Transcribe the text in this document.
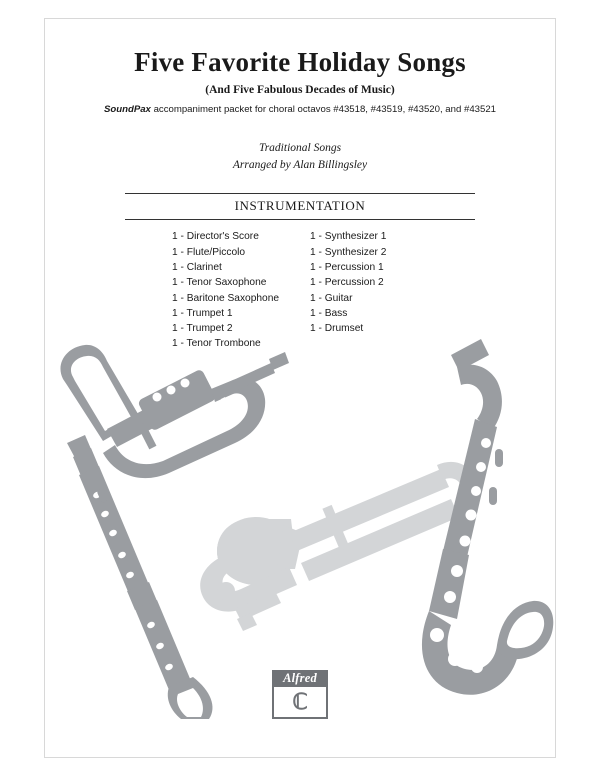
Five Favorite Holiday Songs

(And Five Fabulous Decades of Music)

SoundPax accompaniment packet for choral octavos #43518, #43519, #43520, and #43521

Traditional Songs
Arranged by Alan Billingsley
INSTRUMENTATION
1 - Director's Score
1 - Flute/Piccolo
1 - Clarinet
1 - Tenor Saxophone
1 - Baritone Saxophone
1 - Trumpet 1
1 - Trumpet 2
1 - Tenor Trombone
1 - Synthesizer 1
1 - Synthesizer 2
1 - Percussion 1
1 - Percussion 2
1 - Guitar
1 - Bass
1 - Drumset
Alfred
ℂ
